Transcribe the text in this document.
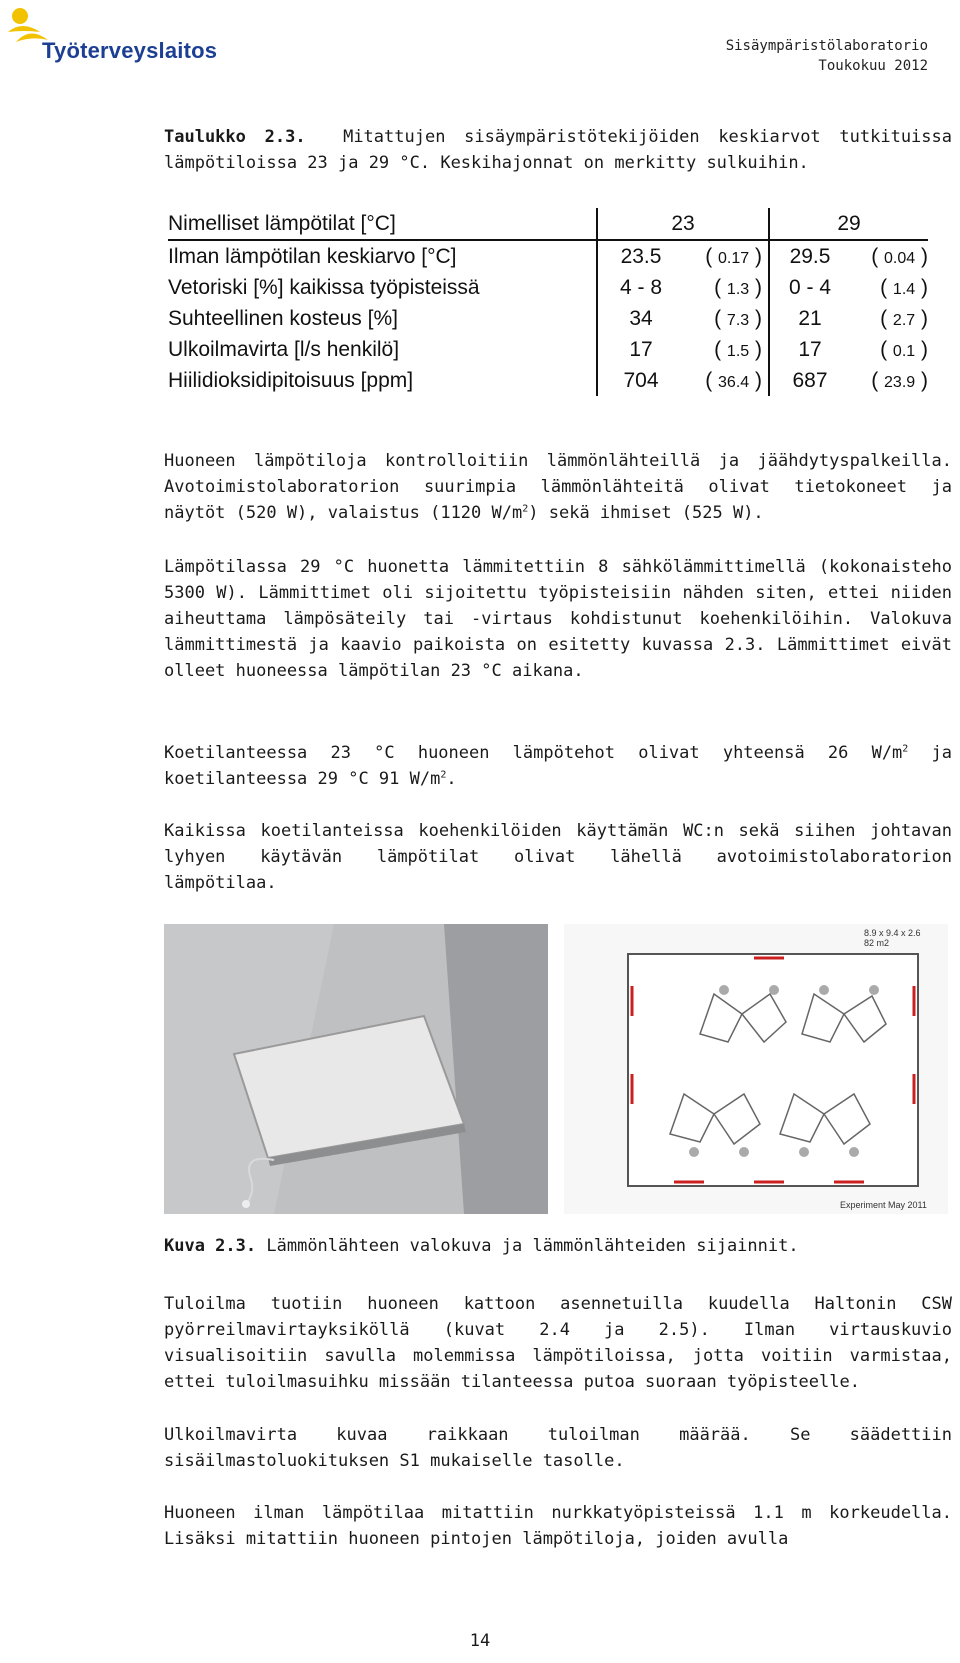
Työterveyslaitos	Sisäympäristölaboratorio
Toukokuu 2012
Taulukko 2.3. Mitattujen sisäympäristötekijöiden keskiarvot tutkituissa lämpötiloissa 23 ja 29 °C. Keskihajonnat on merkitty sulkuihin.
Nimelliset lämpötilat [°C]	23		29	
Ilman lämpötilan keskiarvo [°C]	23.5	( 0.17 )	29.5	( 0.04 )
Vetoriski [%] kaikissa työpisteissä	4 - 8	( 1.3 )	0 - 4	( 1.4 )
Suhteellinen kosteus [%]	34	( 7.3 )	21	( 2.7 )
Ulkoilmavirta [l/s henkilö]	17	( 1.5 )	17	( 0.1 )
Hiilidioksidipitoisuus [ppm]	704	( 36.4 )	687	( 23.9 )
Huoneen lämpötiloja kontrolloitiin lämmönlähteillä ja jäähdytyspalkeilla. Avotoimistolaboratorion suurimpia lämmönlähteitä olivat tietokoneet ja näytöt (520 W), valaistus (1120 $W/m^2$) sekä ihmiset (525 W).
Lämpötilassa 29 °C huonetta lämmitettiin 8 sähkölämmittimellä (kokonaisteho 5300 W). Lämmittimet oli sijoitettu työpisteisiin nähden siten, ettei niiden aiheuttama lämpösäteily tai -virtaus kohdistunut koehenkilöihin. Valokuva lämmittimestä ja kaavio paikoista on esitetty kuvassa 2.3. Lämmittimet eivät olleet huoneessa lämpötilan 23 °C aikana.
Koetilanteessa 23 °C huoneen lämpötehot olivat yhteensä 26 $W/m^2$ ja koetilanteessa 29 °C 91 $W/m^2$.
Kaikissa koetilanteissa koehenkilöiden käyttämän WC:n sekä siihen johtavan lyhyen käytävän lämpötilat olivat lähellä avotoimistolaboratorion lämpötilaa.
8.9 x 9.4 x 2.6
82 m2
Experiment May 2011
Kuva 2.3. Lämmönlähteen valokuva ja lämmönlähteiden sijainnit.
Tuloilma tuotiin huoneen kattoon asennetuilla kuudella Haltonin CSW pyörreilmavirtayksiköllä (kuvat 2.4 ja 2.5). Ilman virtauskuvio visualisoitiin savulla molemmissa lämpötiloissa, jotta voitiin varmistaa, ettei tuloilmasuihku missään tilanteessa putoa suoraan työpisteelle.
Ulkoilmavirta kuvaa raikkaan tuloilman määrää. Se säädettiin sisäilmastoluokituksen S1 mukaiselle tasolle.
Huoneen ilman lämpötilaa mitattiin nurkkatyöpisteissä 1.1 m korkeudella. Lisäksi mitattiin huoneen pintojen lämpötiloja, joiden avulla
14
